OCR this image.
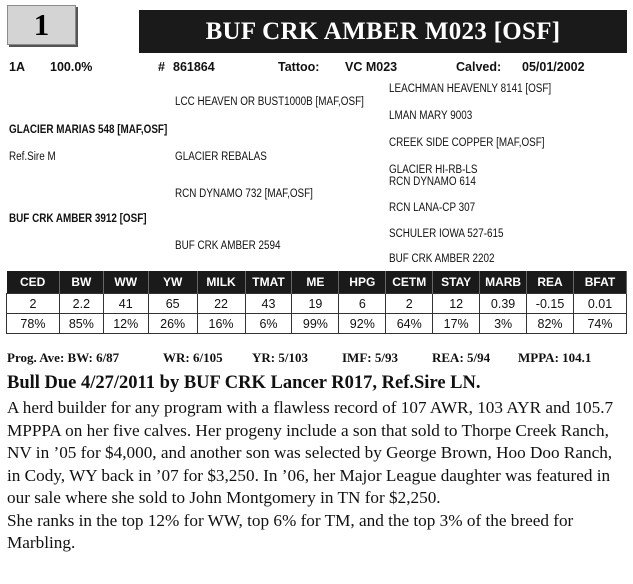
1	BUF CRK AMBER M023 [OSF]
1A 100.0%	# 861864	Tattoo: VC M023	Calved: 05/01/2002
LEACHMAN HEAVENLY 8141 [OSF]
LCC HEAVEN OR BUST1000B [MAF,OSF]
LMAN MARY 9003
GLACIER MARIAS 548 [MAF,OSF]
CREEK SIDE COPPER [MAF,OSF]
Ref.Sire M	GLACIER REBALAS
GLACIER HI-RB-LS
RCN DYNAMO 614
RCN DYNAMO 732 [MAF,OSF]
RCN LANA-CP 307
BUF CRK AMBER 3912 [OSF]
SCHULER IOWA 527-615
BUF CRK AMBER 2594
BUF CRK AMBER 2202
CED	BW	WW	YW	MILK	TMAT	ME	HPG	CETM	STAY	MARB	REA	BFAT
2	2.2	41	65	22	43	19	6	2	12	0.39	-0.15	0.01
78%	85%	12%	26%	16%	6%	99%	92%	64%	17%	3%	82%	74%
Prog. Ave: BW: 6/87	WR: 6/105 YR: 5/103	IMF: 5/93	REA: 5/94 MPPA: 104.1
Bull Due 4/27/2011 by BUF CRK Lancer R017, Ref.Sire LN.

A herd builder for any program with a flawless record of 107 AWR, 103 AYR and 105.7 MPPPA on her five calves. Her progeny include a son that sold to Thorpe Creek Ranch, NV in ’05 for $4,000, and another son was selected by George Brown, Hoo Doo Ranch, in Cody, WY back in ’07 for $3,250. In ’06, her Major League daughter was featured in our sale where she sold to John Montgomery in TN for $2,250.

She ranks in the top 12% for WW, top 6% for TM, and the top 3% of the breed for Marbling.
